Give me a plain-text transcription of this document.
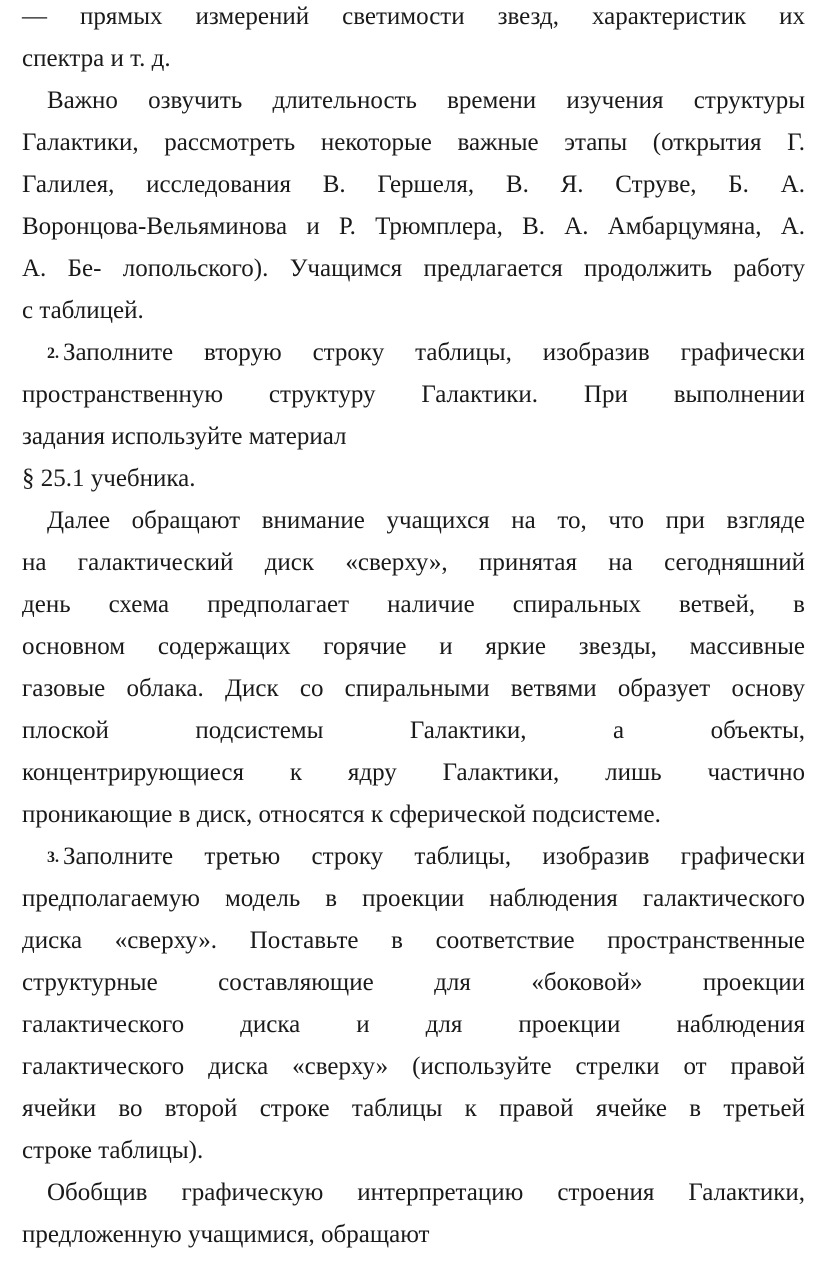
— прямых измерений светимости звезд, характеристик их
спектра и т. д.
Важно озвучить длительность времени изучения структуры
Галактики, рассмотреть некоторые важные этапы (открытия Г.
Галилея, исследования В. Гершеля, В. Я. Струве, Б. А.
Воронцова-Вельяминова и Р. Трюмплера, В. А. Амбарцумяна, А.
А. Бе- лопольского). Учащимся предлагается продолжить работу
с таблицей.
2. Заполните вторую строку таблицы, изобразив графически
пространственную структуру Галактики. При выполнении
задания используйте материал
§ 25.1 учебника.
Далее обращают внимание учащихся на то, что при взгляде
на галактический диск «сверху», принятая на сегодняшний
день схема предполагает наличие спиральных ветвей, в
основном содержащих горячие и яркие звезды, массивные
газовые облака. Диск со спиральными ветвями образует основу
плоской подсистемы Галактики, а объекты,
концентрирующиеся к ядру Галактики, лишь частично
проникающие в диск, относятся к сферической подсистеме.
3. Заполните третью строку таблицы, изобразив графически
предполагаемую модель в проекции наблюдения галактического
диска «сверху». Поставьте в соответствие пространственные
структурные составляющие для «боковой» проекции
галактического диска и для проекции наблюдения
галактического диска «сверху» (используйте стрелки от правой
ячейки во второй строке таблицы к правой ячейке в третьей
строке таблицы).
Обобщив графическую интерпретацию строения Галактики,
предложенную учащимися, обращают
